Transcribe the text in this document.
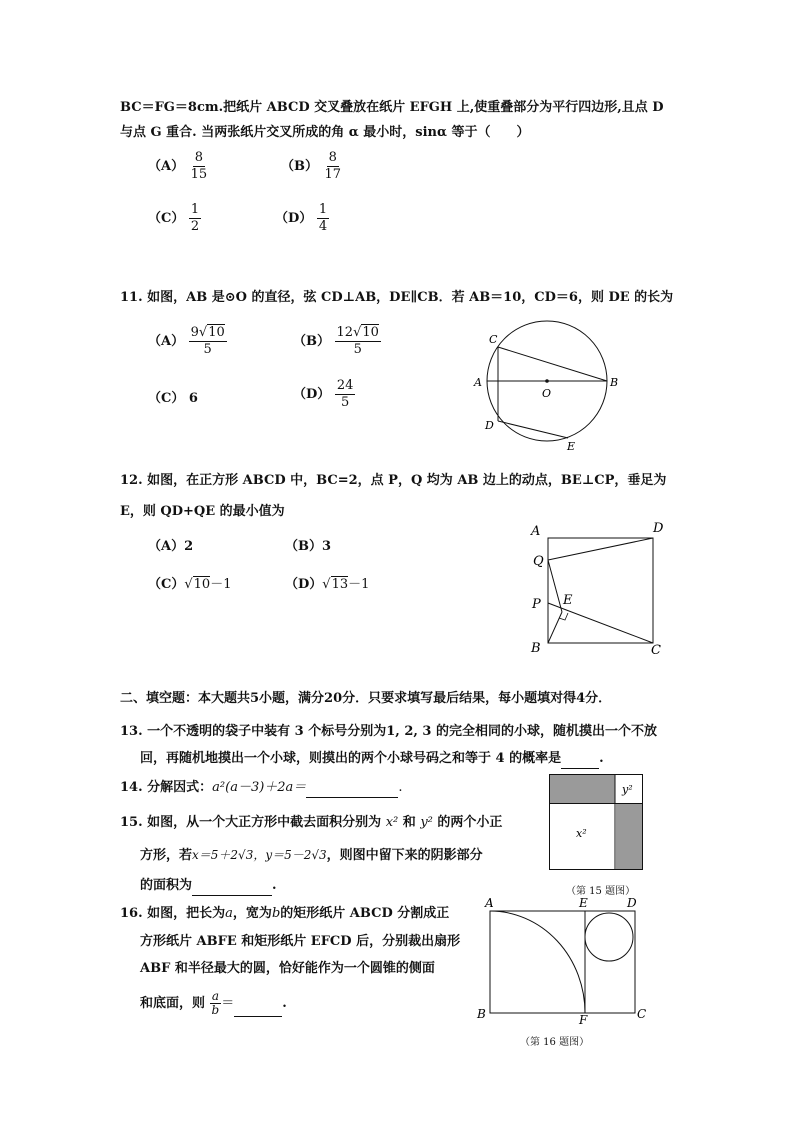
BC＝FG＝8cm.把纸片 ABCD 交叉叠放在纸片 EFGH 上,使重叠部分为平行四边形,且点 D
与点 G 重合. 当两张纸片交叉所成的角 α 最小时，sinα 等于（　　）
$(A) \frac{8}{15}$	$(B) \frac{8}{17}$
$(C) \frac{1}{2}$	$(D) \frac{1}{4}$
11. 如图，AB 是⊙O 的直径，弦 CD⊥AB，DE∥CB．若 AB＝10，CD＝6，则 DE 的长为
$(A) \frac{9√10}{5}$	$(B) \frac{12√10}{5}$
（C） 6	$(D) \frac{24}{5}$	A	B
C
D
E
O
12. 如图，在正方形 ABCD 中，BC=2，点 P，Q 均为 AB 边上的动点，BE⊥CP，垂足为
E，则 QD+QE 的最小值为
（A）2	（B）3
（C）√10－1	（D）√13－1
A	D
Q
P E
B	C
二、填空题：本大题共5小题，满分20分．只要求填写最后结果，每小题填对得4分．
13. 一个不透明的袋子中装有 3 个标号分别为1, 2, 3 的完全相同的小球，随机摸出一个不放
回，再随机地摸出一个小球，则摸出的两个小球号码之和等于 4 的概率是	.
14. 分解因式：a²(a－3)＋2a＝	.
15. 如图，从一个大正方形中截去面积分别为 x² 和 y² 的两个小正
方形，若x＝5＋2√3，y＝5－2√3，则图中留下来的阴影部分
的面积为	.
y²
x²
（第 15 题图）
16. 如图，把长为a，宽为b的矩形纸片 ABCD 分割成正
方形纸片 ABFE 和矩形纸片 EFCD 后，分别裁出扇形
ABF 和半径最大的圆，恰好能作为一个圆锥的侧面
和底面，则 $\frac{a}{b}$ ＝	.
A	E	D
B	F	C
（第 16 题图）
